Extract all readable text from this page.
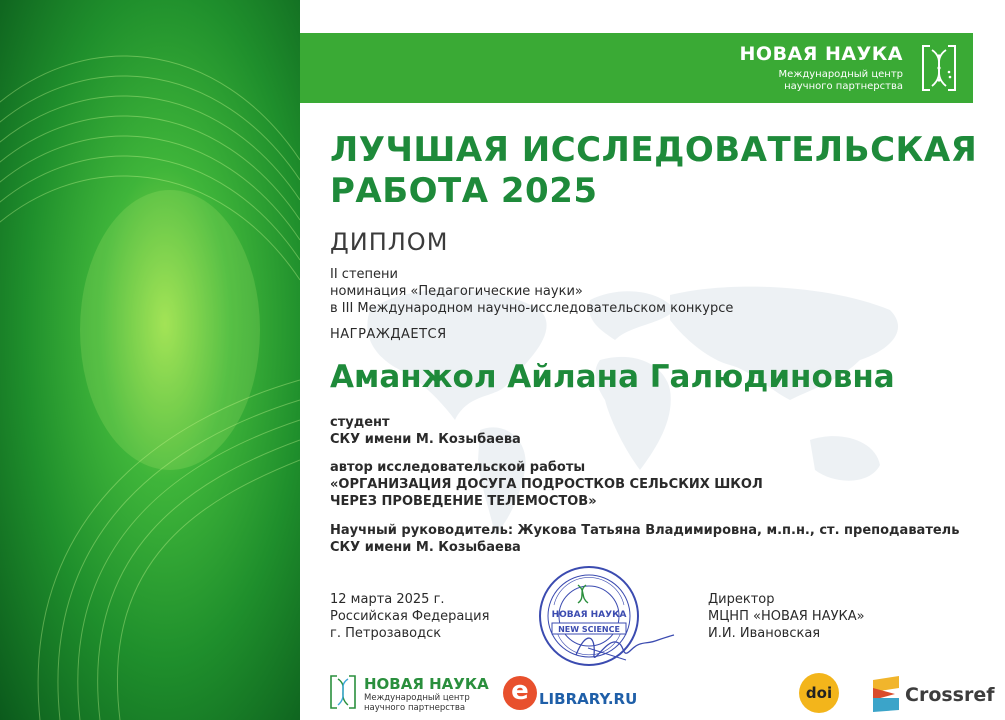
НОВАЯ НАУКА
Международный центр
научного партнерства
ЛУЧШАЯ ИССЛЕДОВАТЕЛЬСКАЯ
РАБОТА 2025
ДИПЛОМ
II степени
номинация «Педагогические науки»
в III Международном научно-исследовательском конкурсе
НАГРАЖДАЕТСЯ
Аманжол Айлана Галюдиновна
студент
СКУ имени М. Козыбаева
автор исследовательской работы
«ОРГАНИЗАЦИЯ ДОСУГА ПОДРОСТКОВ СЕЛЬСКИХ ШКОЛ
ЧЕРЕЗ ПРОВЕДЕНИЕ ТЕЛЕМОСТОВ»
Научный руководитель: Жукова Татьяна Владимировна, м.п.н., ст. преподаватель
СКУ имени М. Козыбаева
12 марта 2025 г.
Российская Федерация
г. Петрозаводск
НОВАЯ НАУКА
NEW SCIENCE
Директор
МЦНП «НОВАЯ НАУКА»
И.И. Ивановская
НОВАЯ НАУКА
Международный центр
научного партнерства
e LIBRARY.RU	doi	Crossref
